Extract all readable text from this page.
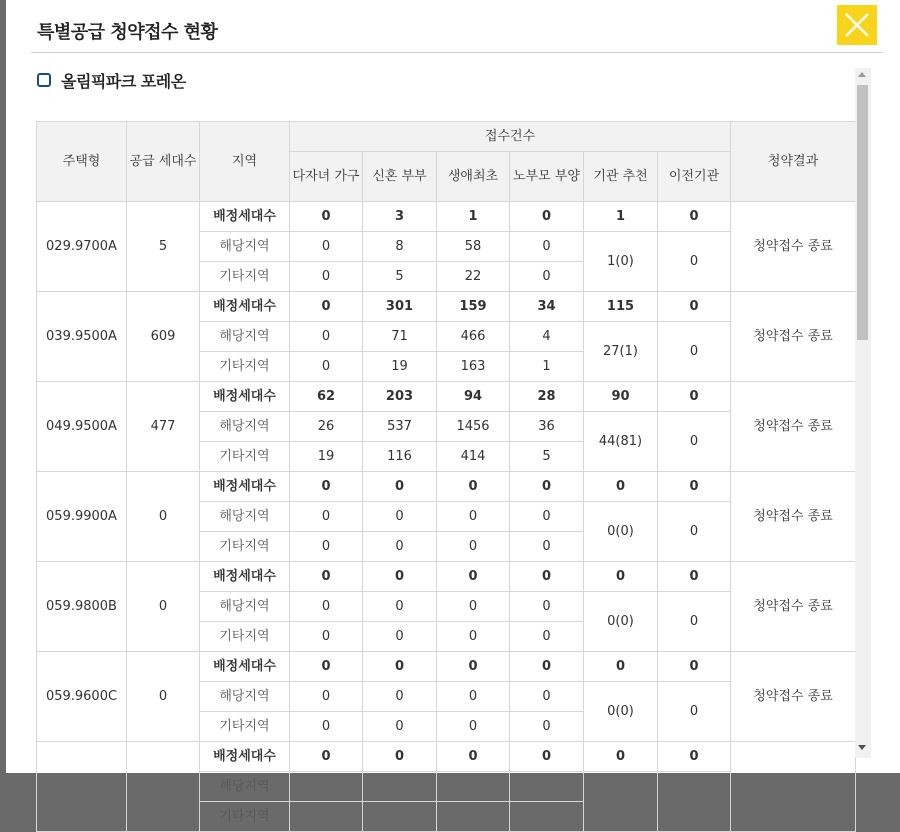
특별공급 청약접수 현황
올림픽파크 포레온
주택형	공급 세대수	지역	접수건수						청약결과
			다자녀 가구	신혼 부부	생애최초	노부모 부양	기관 추천	이전기관	
029.9700A	5	배정세대수	0	3	1	0	1	0	청약접수 종료
		해당지역	0	8	58	0	1(0)	0	
		기타지역	0	5	22	0			
039.9500A	609	배정세대수	0	301	159	34	115	0	청약접수 종료
		해당지역	0	71	466	4	27(1)	0	
		기타지역	0	19	163	1			
049.9500A	477	배정세대수	62	203	94	28	90	0	청약접수 종료
		해당지역	26	537	1456	36	44(81)	0	
		기타지역	19	116	414	5			
059.9900A	0	배정세대수	0	0	0	0	0	0	청약접수 종료
		해당지역	0	0	0	0	0(0)	0	
		기타지역	0	0	0	0			
059.9800B	0	배정세대수	0	0	0	0	0	0	청약접수 종료
		해당지역	0	0	0	0	0(0)	0	
		기타지역	0	0	0	0			
059.9600C	0	배정세대수	0	0	0	0	0	0	청약접수 종료
		해당지역	0	0	0	0	0(0)	0	
		기타지역	0	0	0	0			
		배정세대수	0	0	0	0	0	0	
		해당지역							
		기타지역							
